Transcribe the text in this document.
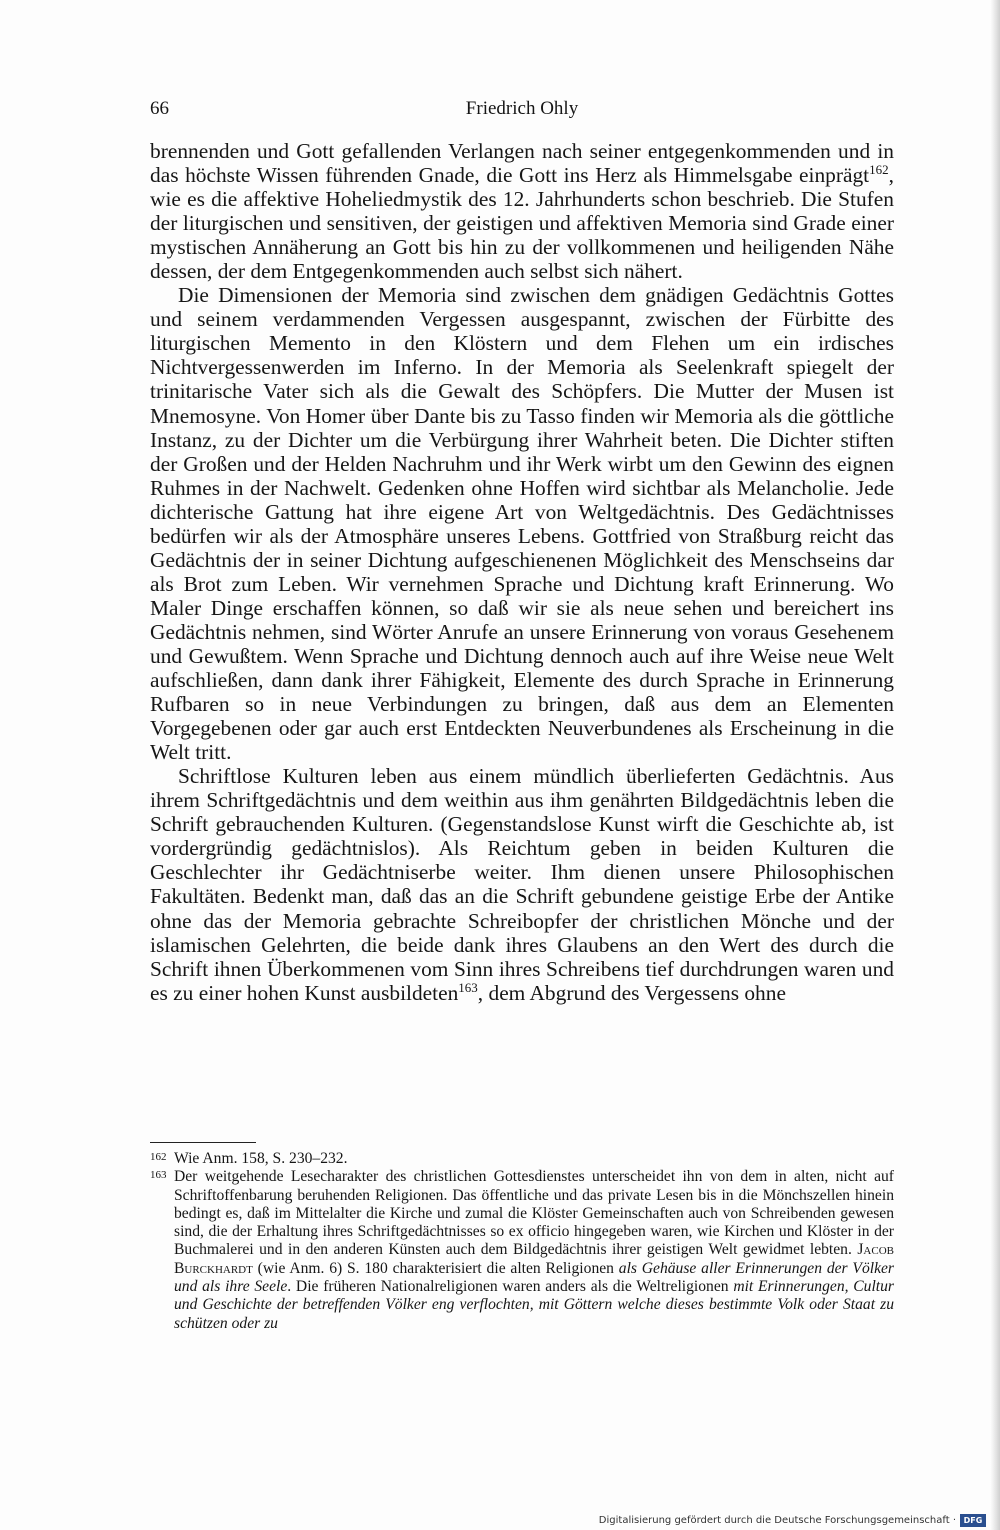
66	Friedrich Ohly

brennenden und Gott gefallenden Verlangen nach seiner entgegenkommenden und in das höchste Wissen führenden Gnade, die Gott ins Herz als Himmelsgabe einprägt$^{162}$, wie es die affektive Hoheliedmystik des 12. Jahrhunderts schon beschrieb. Die Stufen der liturgischen und sensitiven, der geistigen und affektiven Memoria sind Grade einer mystischen Annäherung an Gott bis hin zu der vollkommenen und heiligenden Nähe dessen, der dem Entgegenkommenden auch selbst sich nähert.

Die Dimensionen der Memoria sind zwischen dem gnädigen Gedächtnis Gottes und seinem verdammenden Vergessen ausgespannt, zwischen der Fürbitte des liturgischen Memento in den Klöstern und dem Flehen um ein irdisches Nichtvergessenwerden im Inferno. In der Memoria als Seelenkraft spiegelt der trinitarische Vater sich als die Gewalt des Schöpfers. Die Mutter der Musen ist Mnemosyne. Von Homer über Dante bis zu Tasso finden wir Memoria als die göttliche Instanz, zu der Dichter um die Verbürgung ihrer Wahrheit beten. Die Dichter stiften der Großen und der Helden Nachruhm und ihr Werk wirbt um den Gewinn des eignen Ruhmes in der Nachwelt. Gedenken ohne Hoffen wird sichtbar als Melancholie. Jede dichterische Gattung hat ihre eigene Art von Weltgedächtnis. Des Gedächtnisses bedürfen wir als der Atmosphäre unseres Lebens. Gottfried von Straßburg reicht das Gedächtnis der in seiner Dichtung aufgeschienenen Möglichkeit des Menschseins dar als Brot zum Leben. Wir vernehmen Sprache und Dichtung kraft Erinnerung. Wo Maler Dinge erschaffen können, so daß wir sie als neue sehen und bereichert ins Gedächtnis nehmen, sind Wörter Anrufe an unsere Erinnerung von voraus Gesehenem und Gewußtem. Wenn Sprache und Dichtung dennoch auch auf ihre Weise neue Welt aufschließen, dann dank ihrer Fähigkeit, Elemente des durch Sprache in Erinnerung Rufbaren so in neue Verbindungen zu bringen, daß aus dem an Elementen Vorgegebenen oder gar auch erst Entdeckten Neuverbundenes als Erscheinung in die Welt tritt.

Schriftlose Kulturen leben aus einem mündlich überlieferten Gedächtnis. Aus ihrem Schriftgedächtnis und dem weithin aus ihm genährten Bildgedächtnis leben die Schrift gebrauchenden Kulturen. (Gegenstandslose Kunst wirft die Geschichte ab, ist vordergründig gedächtnislos). Als Reichtum geben in beiden Kulturen die Geschlechter ihr Gedächtniserbe weiter. Ihm dienen unsere Philosophischen Fakultäten. Bedenkt man, daß das an die Schrift gebundene geistige Erbe der Antike ohne das der Memoria gebrachte Schreibopfer der christlichen Mönche und der islamischen Gelehrten, die beide dank ihres Glaubens an den Wert des durch die Schrift ihnen Überkommenen vom Sinn ihres Schreibens tief durchdrungen waren und es zu einer hohen Kunst ausbildeten$^{163}$, dem Abgrund des Vergessens ohne

162 Wie Anm. 158, S. 230–232.
163 Der weitgehende Lesecharakter des christlichen Gottesdienstes unterscheidet ihn von dem in alten, nicht auf Schriftoffenbarung beruhenden Religionen. Das öffentliche und das private Lesen bis in die Mönchszellen hinein bedingt es, daß im Mittelalter die Kirche und zumal die Klöster Gemeinschaften auch von Schreibenden gewesen sind, die der Erhaltung ihres Schriftgedächtnisses so ex officio hingegeben waren, wie Kirchen und Klöster in der Buchmalerei und in den anderen Künsten auch dem Bildgedächtnis ihrer geistigen Welt gewidmet lebten. Jacob Burckhardt (wie Anm. 6) S. 180 charakterisiert die alten Religionen als Gehäuse aller Erinnerungen der Völker und als ihre Seele. Die früheren Nationalreligionen waren anders als die Weltreligionen mit Erinnerungen, Cultur und Geschichte der betreffenden Völker eng verflochten, mit Göttern welche dieses bestimmte Volk oder Staat zu schützen oder zu
Digitalisierung gefördert durch die Deutsche Forschungsgemeinschaft · DFG
